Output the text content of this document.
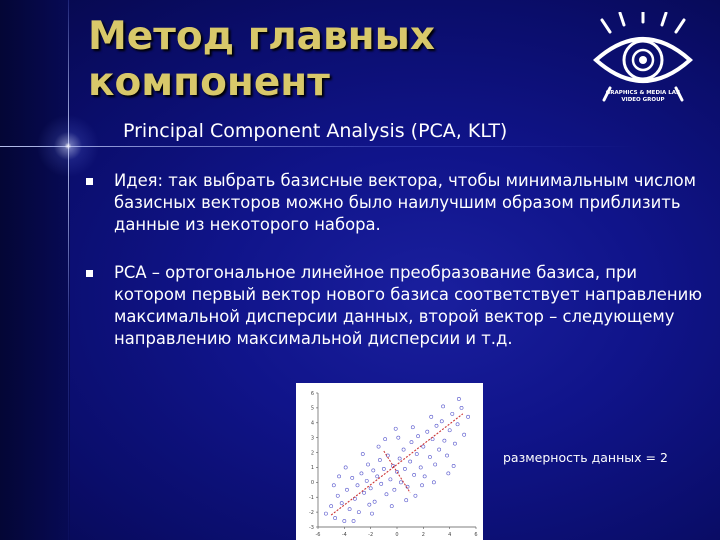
Метод главных
компонент
Principal Component Analysis (PCA, KLT)
GRAPHICS & MEDIA LAB
VIDEO GROUP
Идея: так выбрать базисные вектора, чтобы минимальным числом базисных векторов можно было наилучшим образом приблизить данные из некоторого набора.
PCA – ортогональное линейное преобразование базиса, при котором первый вектор нового базиса соответствует направлению максимальной дисперсии данных, второй вектор – следующему направлению максимальной дисперсии и т.д.
-6	-4	-2	0	2	4	6
6
5
4
3
2
1
0
-1
-2
-3

размерность данных = 2
